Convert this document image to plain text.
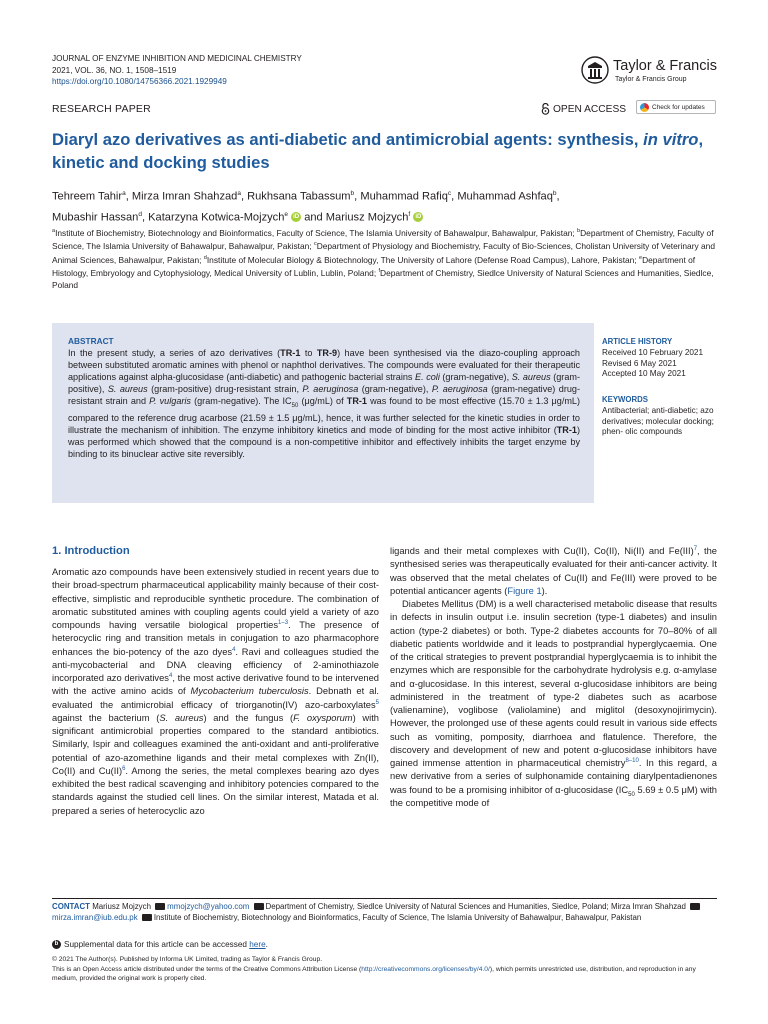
JOURNAL OF ENZYME INHIBITION AND MEDICINAL CHEMISTRY
2021, VOL. 36, NO. 1, 1508–1519
https://doi.org/10.1080/14756366.2021.1929949
Taylor & Francis
Taylor & Francis Group
RESEARCH PAPER	OPEN ACCESS	Check for updates
Diaryl azo derivatives as anti-diabetic and antimicrobial agents: synthesis, in vitro, kinetic and docking studies
Tehreem Tahir$^a$, Mirza Imran Shahzad$^a$, Rukhsana Tabassum$^b$, Muhammad Rafiq$^c$, Muhammad Ashfaq$^b$,
Mubashir Hassan$^d$, Katarzyna Kotwica-Mojzych$^e$ iD and Mariusz Mojzych$^f$ iD
$^a$Institute of Biochemistry, Biotechnology and Bioinformatics, Faculty of Science, The Islamia University of Bahawalpur, Bahawalpur, Pakistan; $^b$Department of Chemistry, Faculty of Science, The Islamia University of Bahawalpur, Bahawalpur, Pakistan; $^c$Department of Physiology and Biochemistry, Faculty of Bio-Sciences, Cholistan University of Veterinary and Animal Sciences, Bahawalpur, Pakistan; $^d$Institute of Molecular Biology & Biotechnology, The University of Lahore (Defense Road Campus), Lahore, Pakistan; $^e$Department of Histology, Embryology and Cytophysiology, Medical University of Lublin, Lublin, Poland; $^f$Department of Chemistry, Siedlce University of Natural Sciences and Humanities, Siedlce, Poland
ABSTRACT
In the present study, a series of azo derivatives (TR-1 to TR-9) have been synthesised via the diazo-coupling approach between substituted aromatic amines with phenol or naphthol derivatives. The compounds were evaluated for their therapeutic applications against alpha-glucosidase (anti-diabetic) and pathogenic bacterial strains E. coli (gram-negative), S. aureus (gram-positive), S. aureus (gram-positive) drug-resistant strain, P. aeruginosa (gram-negative), P. aeruginosa (gram-negative) drug-resistant strain and P. vulgaris (gram-negative). The $IC_{50}$ (μg/mL) of TR-1 was found to be most effective (15.70 ± 1.3 μg/mL) compared to the reference drug acarbose (21.59 ± 1.5 μg/mL), hence, it was further selected for the kinetic studies in order to illustrate the mechanism of inhibition. The enzyme inhibitory kinetics and mode of binding for the most active inhibitor (TR-1) was performed which showed that the compound is a non-competitive inhibitor and effectively inhibits the target enzyme by binding to its binuclear active site reversibly.
ARTICLE HISTORY
Received 10 February 2021
Revised 6 May 2021
Accepted 10 May 2021
KEYWORDS
Antibacterial; anti-diabetic; azo derivatives; molecular docking; phen- olic compounds
1. Introduction

Aromatic azo compounds have been extensively studied in recent years due to their broad-spectrum pharmaceutical applicability mainly because of their cost-effective, simplistic and reproducible synthetic procedure. The combination of aromatic substituted amines with coupling agents could yield a variety of azo compounds having versatile biological properties$^{1-3}$. The presence of heterocyclic ring and transition metals in conjugation to azo pharmacophore enhances the bio-potency of the azo dyes$^4$. Ravi and colleagues studied the anti-mycobacterial and DNA cleaving efficiency of 2-aminothiazole incorporated azo derivatives$^4$, the most active derivative found to be intervened with the active amino acids of Mycobacterium tuberculosis. Debnath et al. evaluated the antimicrobial efficacy of triorganotin(IV) azo-carboxylates$^5$ against the bacterium (S. aureus) and the fungus (F. oxysporum) with significant antimicrobial properties compared to the standard antibiotics. Similarly, Ispir and colleagues examined the anti-oxidant and anti-proliferative potential of azo-azomethine ligands and their metal complexes with Zn(II), Co(II) and Cu(II)$^6$. Among the series, the metal complexes bearing azo dyes exhibited the best radical scavenging and inhibitory potencies compared to the standards against the studied cell lines. On the similar interest, Matada et al. prepared a series of heterocyclic azo

ligands and their metal complexes with Cu(II), Co(II), Ni(II) and Fe(III)$^7$, the synthesised series was therapeutically evaluated for their anti-cancer activity. It was observed that the metal chelates of Cu(II) and Fe(III) were proved to be potential anticancer agents (Figure 1).

Diabetes Mellitus (DM) is a well characterised metabolic disease that results in defects in insulin output i.e. insulin secretion (type-1 diabetes) and insulin action (type-2 diabetes) or both. Type-2 diabetes accounts for 70–80% of all diabetic patients worldwide and it leads to postprandial hyperglycaemia. One of the critical strategies to prevent postprandial hyperglycaemia is to inhibit the enzymes which are responsible for the carbohydrate hydrolysis e.g. α-amylase and α-glucosidase. In this interest, several α-glucosidase inhibitors are being administered in the treatment of type-2 diabetes such as acarbose (valienamine), voglibose (valiolamine) and miglitol (desoxynojirimycin). However, the prolonged use of these agents could result in various side effects such as vomiting, pomposity, diarrhoea and flatulence. Therefore, the discovery and development of new and potent α-glucosidase inhibitors have gained immense attention in pharmaceutical chemistry$^{8-10}$. In this regard, a new derivative from a series of sulphonamide containing diarylpentadienones was found to be a promising inhibitor of α-glucosidase ($IC_{50}$ 5.69 ± 0.5 μM) with the competitive mode of

CONTACT Mariusz Mojzych mmojzych@yahoo.com Department of Chemistry, Siedlce University of Natural Sciences and Humanities, Siedlce, Poland; Mirza Imran Shahzad mirza.imran@iub.edu.pk Institute of Biochemistry, Biotechnology and Bioinformatics, Faculty of Science, The Islamia University of Bahawalpur, Bahawalpur, Pakistan
b Supplemental data for this article can be accessed here.
© 2021 The Author(s). Published by Informa UK Limited, trading as Taylor & Francis Group.
This is an Open Access article distributed under the terms of the Creative Commons Attribution License (http://creativecommons.org/licenses/by/4.0/), which permits unrestricted use, distribution, and reproduction in any medium, provided the original work is properly cited.
